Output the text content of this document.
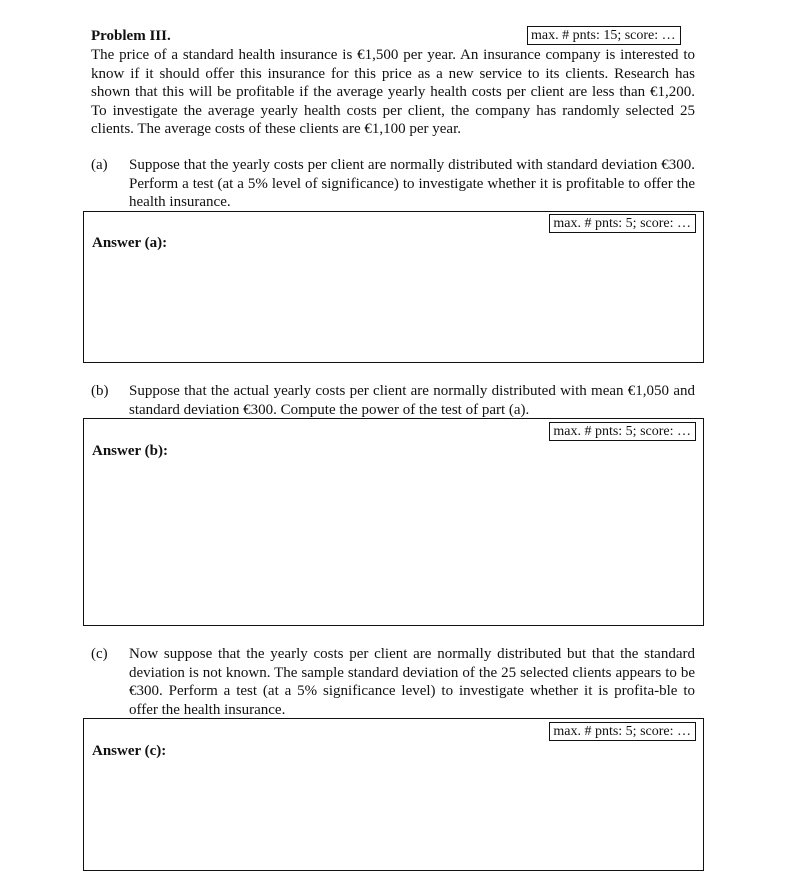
Problem III.	max. # pnts: 15; score: …

The price of a standard health insurance is €1,500 per year. An insurance company is interested to know if it should offer this insurance for this price as a new service to its clients. Research has shown that this will be profitable if the average yearly health costs per client are less than €1,200. To investigate the average yearly health costs per client, the company has randomly selected 25 clients. The average costs of these clients are €1,100 per year.

(a)	Suppose that the yearly costs per client are normally distributed with standard deviation €300. Perform a test (at a 5% level of significance) to investigate whether it is profitable to offer the health insurance.
max. # pnts: 5; score: …
Answer (a):
(b)	Suppose that the actual yearly costs per client are normally distributed with mean €1,050 and standard deviation €300. Compute the power of the test of part (a).
max. # pnts: 5; score: …
Answer (b):
(c)	Now suppose that the yearly costs per client are normally distributed but that the standard deviation is not known. The sample standard deviation of the 25 selected clients appears to be €300. Perform a test (at a 5% significance level) to investigate whether it is profita-ble to offer the health insurance.
max. # pnts: 5; score: …
Answer (c):
